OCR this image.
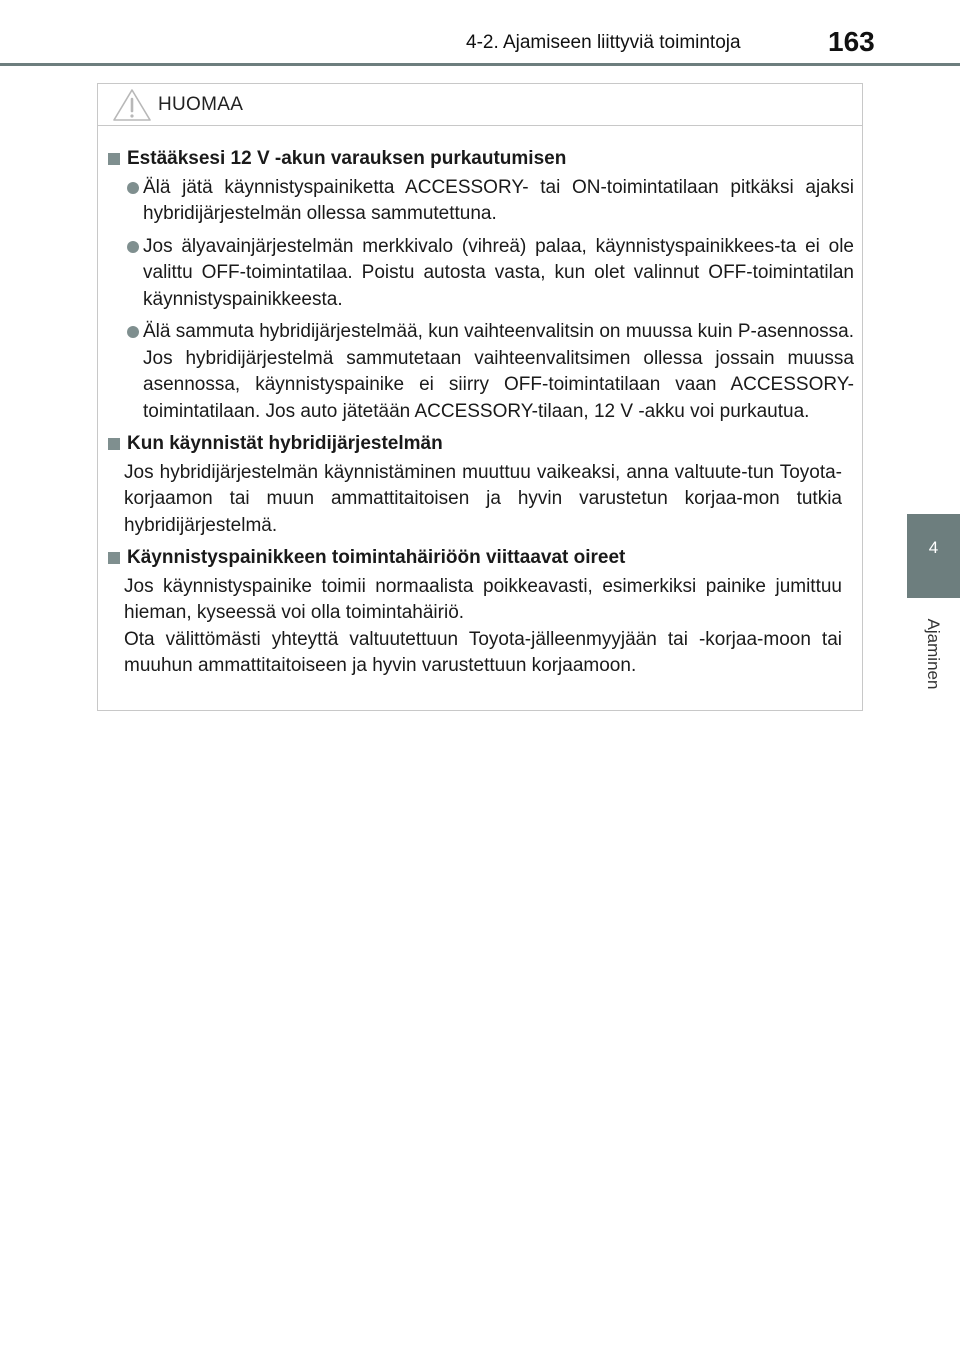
4-2. Ajamiseen liittyviä toimintoja	163
4
Ajaminen
HUOMAA
Estääksesi 12 V -akun varauksen purkautumisen
Älä jätä käynnistyspainiketta ACCESSORY- tai ON-toimintatilaan pitkäksi ajaksi hybridijärjestelmän ollessa sammutettuna.
Jos älyavainjärjestelmän merkkivalo (vihreä) palaa, käynnistyspainikkees-ta ei ole valittu OFF-toimintatilaa. Poistu autosta vasta, kun olet valinnut OFF-toimintatilan käynnistyspainikkeesta.
Älä sammuta hybridijärjestelmää, kun vaihteenvalitsin on muussa kuin P-asennossa. Jos hybridijärjestelmä sammutetaan vaihteenvalitsimen ollessa jossain muussa asennossa, käynnistyspainike ei siirry OFF-toimintatilaan vaan ACCESSORY-toimintatilaan. Jos auto jätetään ACCESSORY-tilaan, 12 V -akku voi purkautua.
Kun käynnistät hybridijärjestelmän
Jos hybridijärjestelmän käynnistäminen muuttuu vaikeaksi, anna valtuute-tun Toyota-korjaamon tai muun ammattitaitoisen ja hyvin varustetun korjaa-mon tutkia hybridijärjestelmä.
Käynnistyspainikkeen toimintahäiriöön viittaavat oireet
Jos käynnistyspainike toimii normaalista poikkeavasti, esimerkiksi painike jumittuu hieman, kyseessä voi olla toimintahäiriö.
Ota välittömästi yhteyttä valtuutettuun Toyota-jälleenmyyjään tai -korjaa-moon tai muuhun ammattitaitoiseen ja hyvin varustettuun korjaamoon.
